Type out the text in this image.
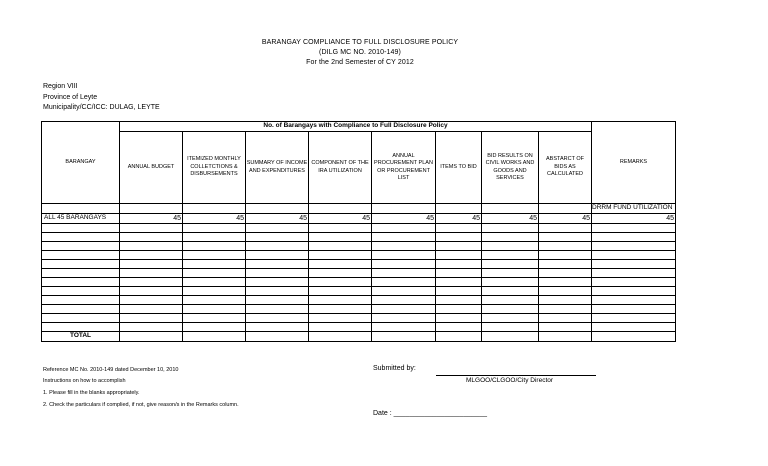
BARANGAY COMPLIANCE TO FULL DISCLOSURE POLICY
(DILG MC NO. 2010-149)
For the 2nd Semester of CY 2012
Region VIII
Province of Leyte
Municipality/CC/ICC: DULAG, LEYTE
BARANGAY	No. of Barangays with Compliance to Full Disclosure Policy								REMARKS
	ANNUAL BUDGET	ITEMIZED MONTHLY COLLETCTIONS & DISBURSEMENTS	SUMMARY OF INCOME AND EXPENDITURES	COMPONENT OF THE IRA UTILIZATION	ANNUAL PROCUREMENT PLAN OR PROCUREMENT LIST	ITEMS TO BID	BID RESULTS ON CIVIL WORKS AND GOODS AND SERVICES	ABSTARCT OF BIDS AS CALCULATED	
									DRRM FUND UTILIZATION
ALL 45 BARANGAYS	45	45	45	45	45	45	45	45	45

TOTAL									
Reference MC No. 2010-149 dated December 10, 2010
Instructions on how to accomplish
1. Please fill in the blanks appropriately.
2. Check the particulars if complied, if not, give reason/s in the Remarks column.
Submitted by:
MLGOO/CLGOO/City Director
Date : ________________________
